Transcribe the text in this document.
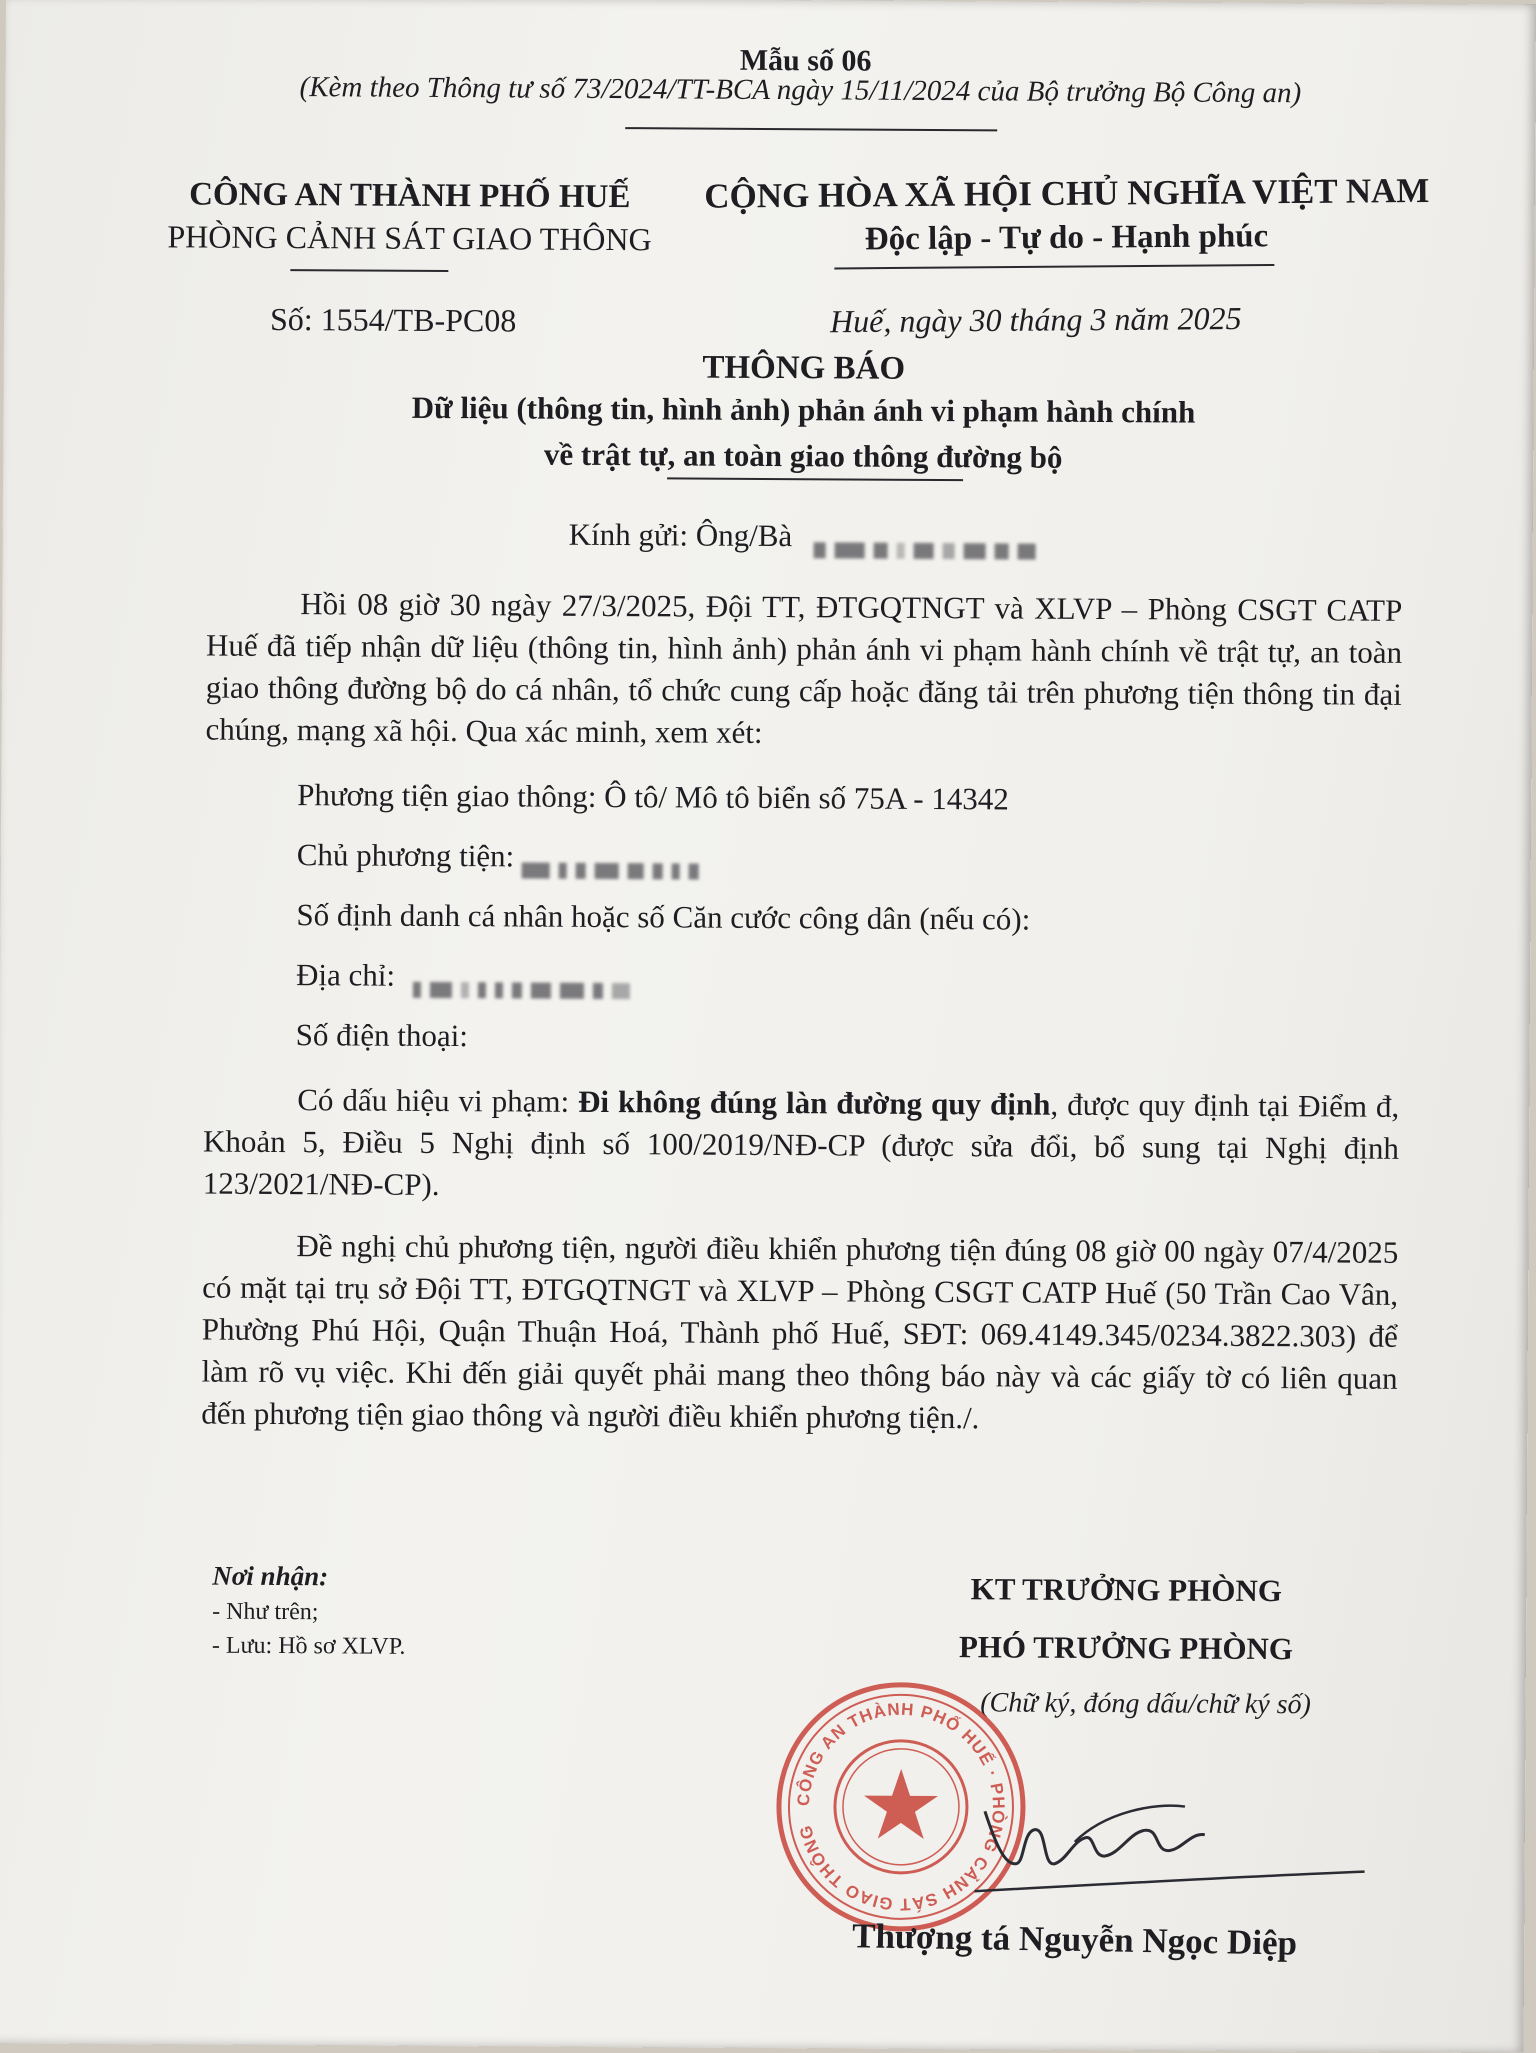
Mẫu số 06
(Kèm theo Thông tư số 73/2024/TT-BCA ngày 15/11/2024 của Bộ trưởng Bộ Công an)
CÔNG AN THÀNH PHỐ HUẾ
PHÒNG CẢNH SÁT GIAO THÔNG
CỘNG HÒA XÃ HỘI CHỦ NGHĨA VIỆT NAM
Độc lập - Tự do - Hạnh phúc
Số: 1554/TB-PC08	Huế, ngày 30 tháng 3 năm 2025
THÔNG BÁO
Dữ liệu (thông tin, hình ảnh) phản ánh vi phạm hành chính
về trật tự, an toàn giao thông đường bộ
Kính gửi: Ông/Bà
Hồi 08 giờ 30 ngày 27/3/2025, Đội TT, ĐTGQTNGT và XLVP – Phòng CSGT CATP Huế đã tiếp nhận dữ liệu (thông tin, hình ảnh) phản ánh vi phạm hành chính về trật tự, an toàn giao thông đường bộ do cá nhân, tổ chức cung cấp hoặc đăng tải trên phương tiện thông tin đại chúng, mạng xã hội. Qua xác minh, xem xét:
Phương tiện giao thông: Ô tô/ Mô tô biển số 75A - 14342
Chủ phương tiện:
Số định danh cá nhân hoặc số Căn cước công dân (nếu có):
Địa chỉ:
Số điện thoại:
Có dấu hiệu vi phạm: Đi không đúng làn đường quy định, được quy định tại Điểm đ, Khoản 5, Điều 5 Nghị định số 100/2019/NĐ-CP (được sửa đổi, bổ sung tại Nghị định 123/2021/NĐ-CP).
Đề nghị chủ phương tiện, người điều khiển phương tiện đúng 08 giờ 00 ngày 07/4/2025 có mặt tại trụ sở Đội TT, ĐTGQTNGT và XLVP – Phòng CSGT CATP Huế (50 Trần Cao Vân, Phường Phú Hội, Quận Thuận Hoá, Thành phố Huế, SĐT: 069.4149.345/0234.3822.303) để làm rõ vụ việc. Khi đến giải quyết phải mang theo thông báo này và các giấy tờ có liên quan đến phương tiện giao thông và người điều khiển phương tiện./.
Nơi nhận:
- Như trên;
- Lưu: Hồ sơ XLVP.
KT TRƯỞNG PHÒNG
PHÓ TRƯỞNG PHÒNG
(Chữ ký, đóng dấu/chữ ký số)
CÔNG AN THÀNH PHỐ HUẾ · PHÒNG CẢNH SÁT GIAO THÔNG
Thượng tá Nguyễn Ngọc Diệp
